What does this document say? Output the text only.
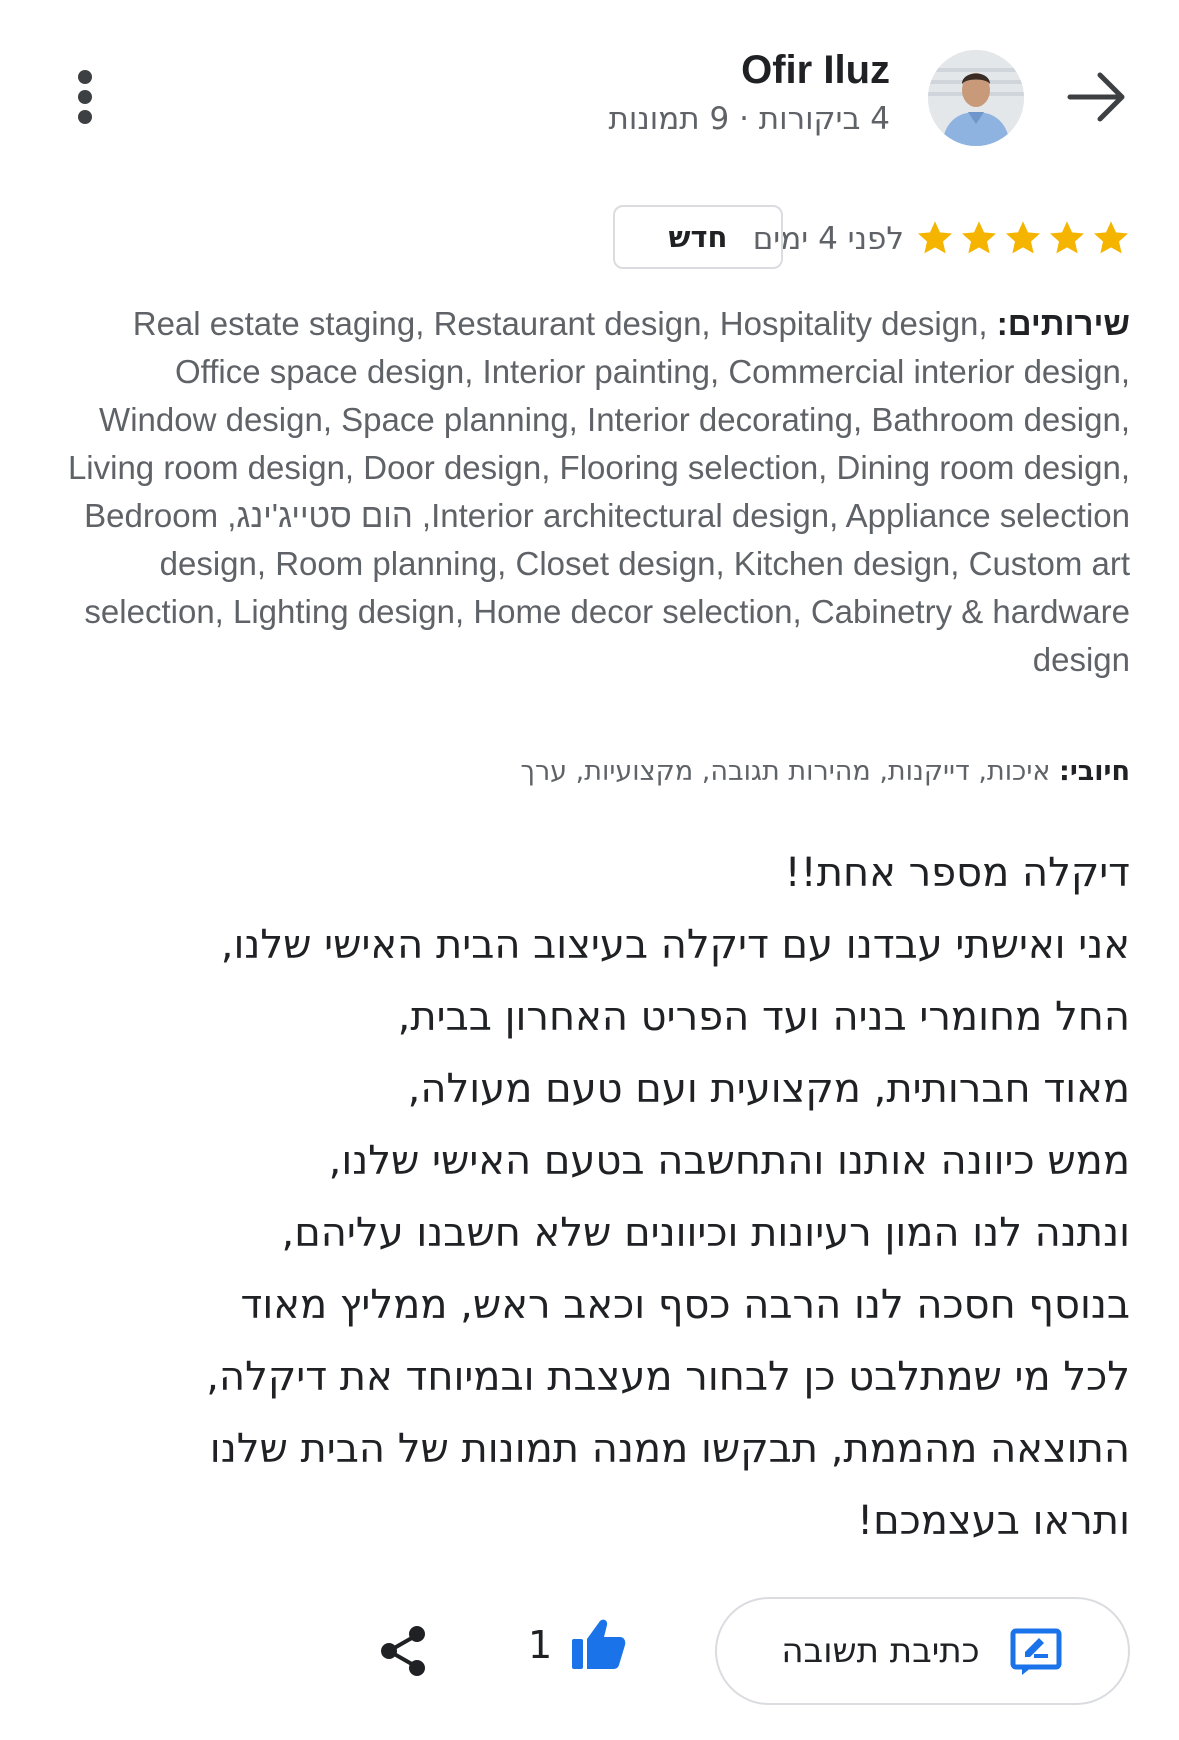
Ofir Iluz
4 ביקורות · 9 תמונות
לפני 4 ימים
חדש
שירותים: Real estate staging, Restaurant design, Hospitality design, Office space design, Interior painting, Commercial interior design, Window design, Space planning, Interior decorating, Bathroom design, Living room design, Door design, Flooring selection, Dining room design, Interior architectural design, Appliance selection, הום סטייג'ינג, Bedroom design, Room planning, Closet design, Kitchen design, Custom art selection, Lighting design, Home decor selection, Cabinetry & hardware design
חיובי: איכות, דייקנות, מהירות תגובה, מקצועיות, ערך
דיקלה מספר אחת!!
אני ואישתי עבדנו עם דיקלה בעיצוב הבית האישי שלנו,
החל מחומרי בניה ועד הפריט האחרון בבית,
מאוד חברותית, מקצועית ועם טעם מעולה,
ממש כיוונה אותנו והתחשבה בטעם האישי שלנו,
ונתנה לנו המון רעיונות וכיוונים שלא חשבנו עליהם,
בנוסף חסכה לנו הרבה כסף וכאב ראש, ממליץ מאוד
לכל מי שמתלבט כן לבחור מעצבת ובמיוחד את דיקלה,
התוצאה מהממת, תבקשו ממנה תמונות של הבית שלנו
ותראו בעצמכם!
כתיבת תשובה
1
